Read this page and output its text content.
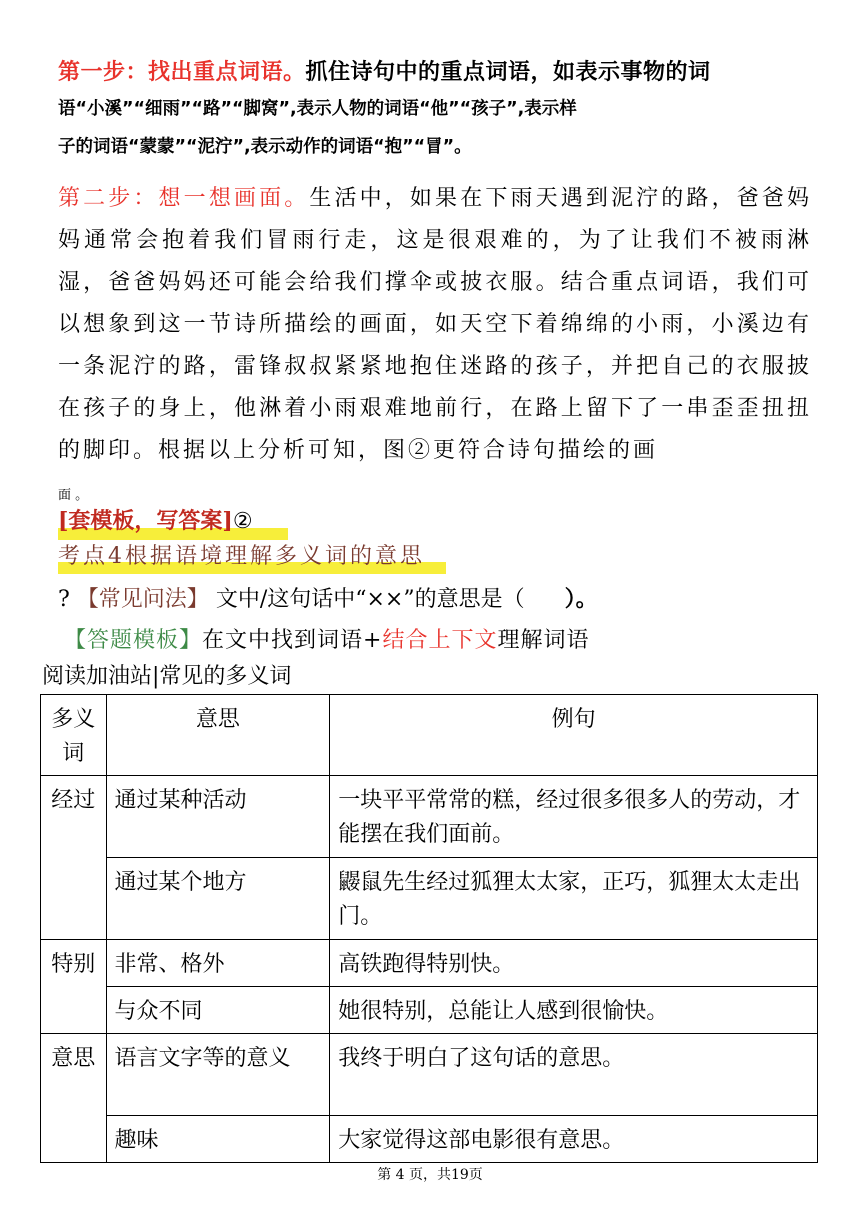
第一步：找出重点词语。抓住诗句中的重点词语，如表示事物的词
语“小溪”“细雨”“路”“脚窝”,表示人物的词语“他”“孩子”,表示样
子的词语“蒙蒙”“泥泞”,表示动作的词语“抱”“冒”。

第二步：想一想画面。生活中，如果在下雨天遇到泥泞的路，爸爸妈妈通常会抱着我们冒雨行走，这是很艰难的，为了让我们不被雨淋湿，爸爸妈妈还可能会给我们撑伞或披衣服。结合重点词语，我们可以想象到这一节诗所描绘的画面，如天空下着绵绵的小雨，小溪边有一条泥泞的路，雷锋叔叔紧紧地抱住迷路的孩子，并把自己的衣服披在孩子的身上，他淋着小雨艰难地前行，在路上留下了一串歪歪扭扭的脚印。根据以上分析可知，图②更符合诗句描绘的画
面 。

[套模板，写答案]②
考点4根据语境理解多义词的意思
? 【常见问法】 文中/这句话中“××”的意思是（ ）。
【答题模板】在文中找到词语+结合上下文理解词语
阅读加油站|常见的多义词
多义词	意思	例句
经过	通过某种活动	一块平平常常的糕，经过很多很多人的劳动，才能摆在我们面前。
	通过某个地方	鼹鼠先生经过狐狸太太家，正巧，狐狸太太走出门。
特别	非常、格外	高铁跑得特别快。
	与众不同	她很特别，总能让人感到很愉快。
意思	语言文字等的意义	我终于明白了这句话的意思。
	趣味	大家觉得这部电影很有意思。
第 4 页，共19页
